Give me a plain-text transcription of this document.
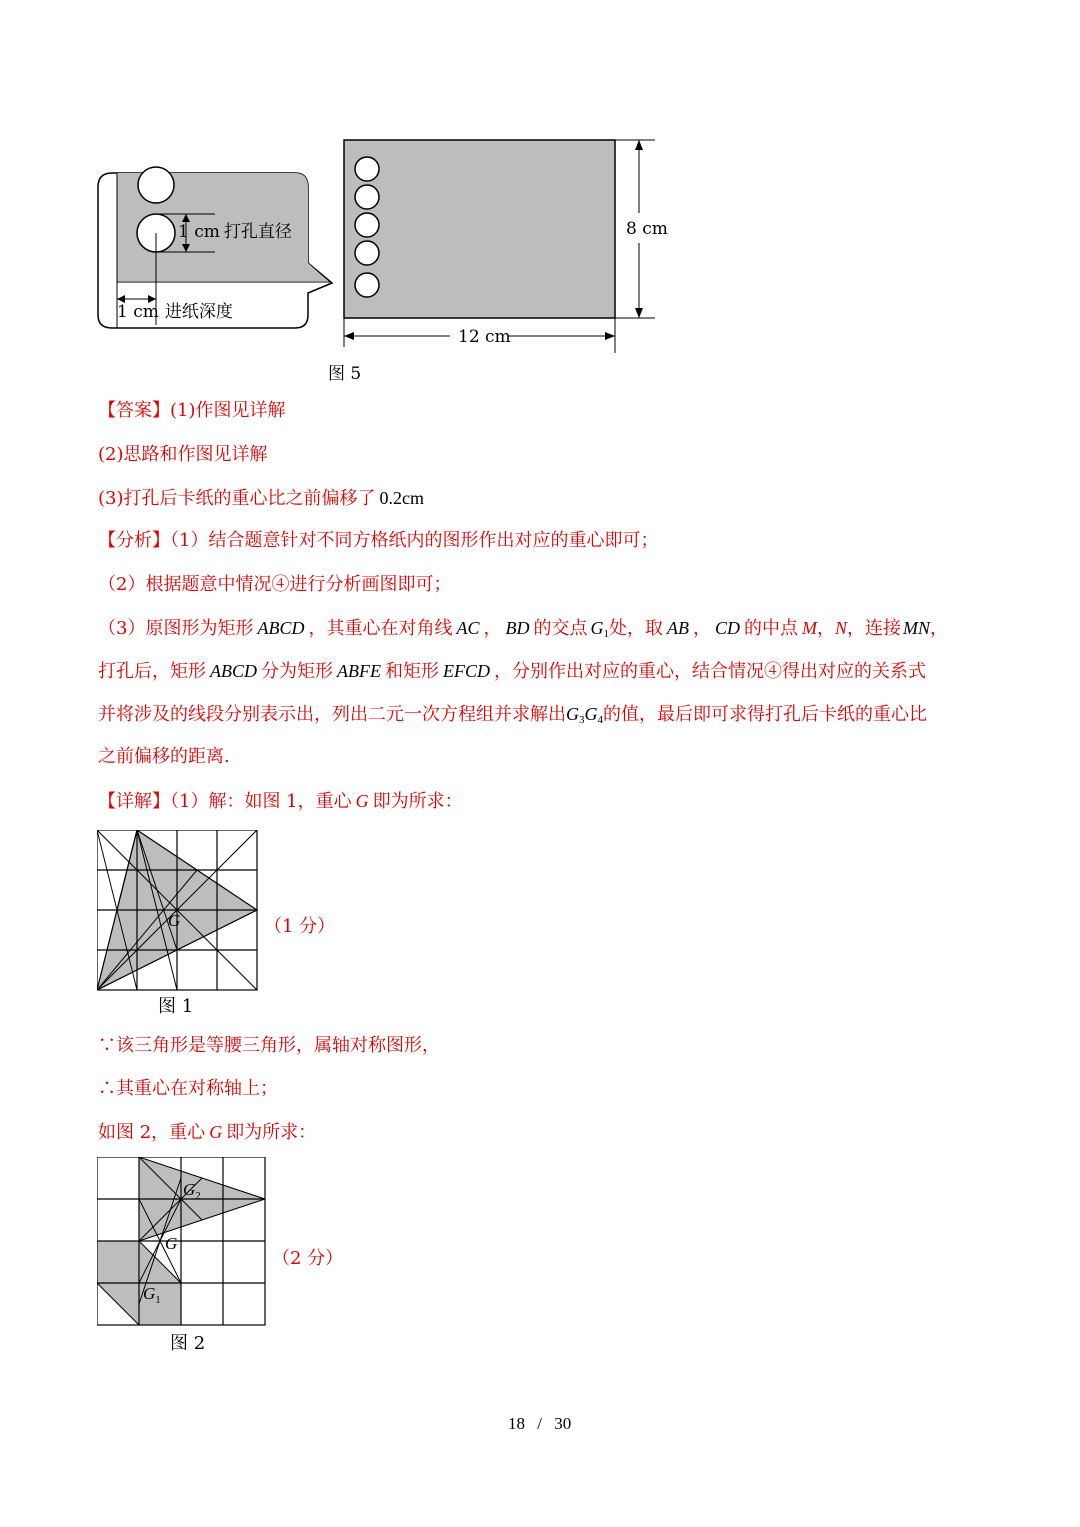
1 cm 打孔直径
1 cm 进纸深度
8 cm
12 cm
图 5
【答案】(1)作图见详解
(2)思路和作图见详解
(3)打孔后卡纸的重心比之前偏移了 0.2cm
【分析】（1）结合题意针对不同方格纸内的图形作出对应的重心即可；
（2）根据题意中情况④进行分析画图即可；
（3）原图形为矩形 ABCD ，其重心在对角线 AC ， BD 的交点 $G_1$处，取 AB ， CD 的中点 M，N，连接 MN，
打孔后，矩形 ABCD 分为矩形 ABFE 和矩形 EFCD ，分别作出对应的重心，结合情况④得出对应的关系式
并将涉及的线段分别表示出，列出二元一次方程组并求解出$G_3G_4$的值，最后即可求得打孔后卡纸的重心比
之前偏移的距离.
【详解】（1）解：如图 1，重心 G 即为所求：
G	（1 分）
图 1
∵该三角形是等腰三角形，属轴对称图形，
∴其重心在对称轴上；
如图 2，重心 G 即为所求：
$G_2$
G
$G_1$
（2 分）
图 2
18 / 30
